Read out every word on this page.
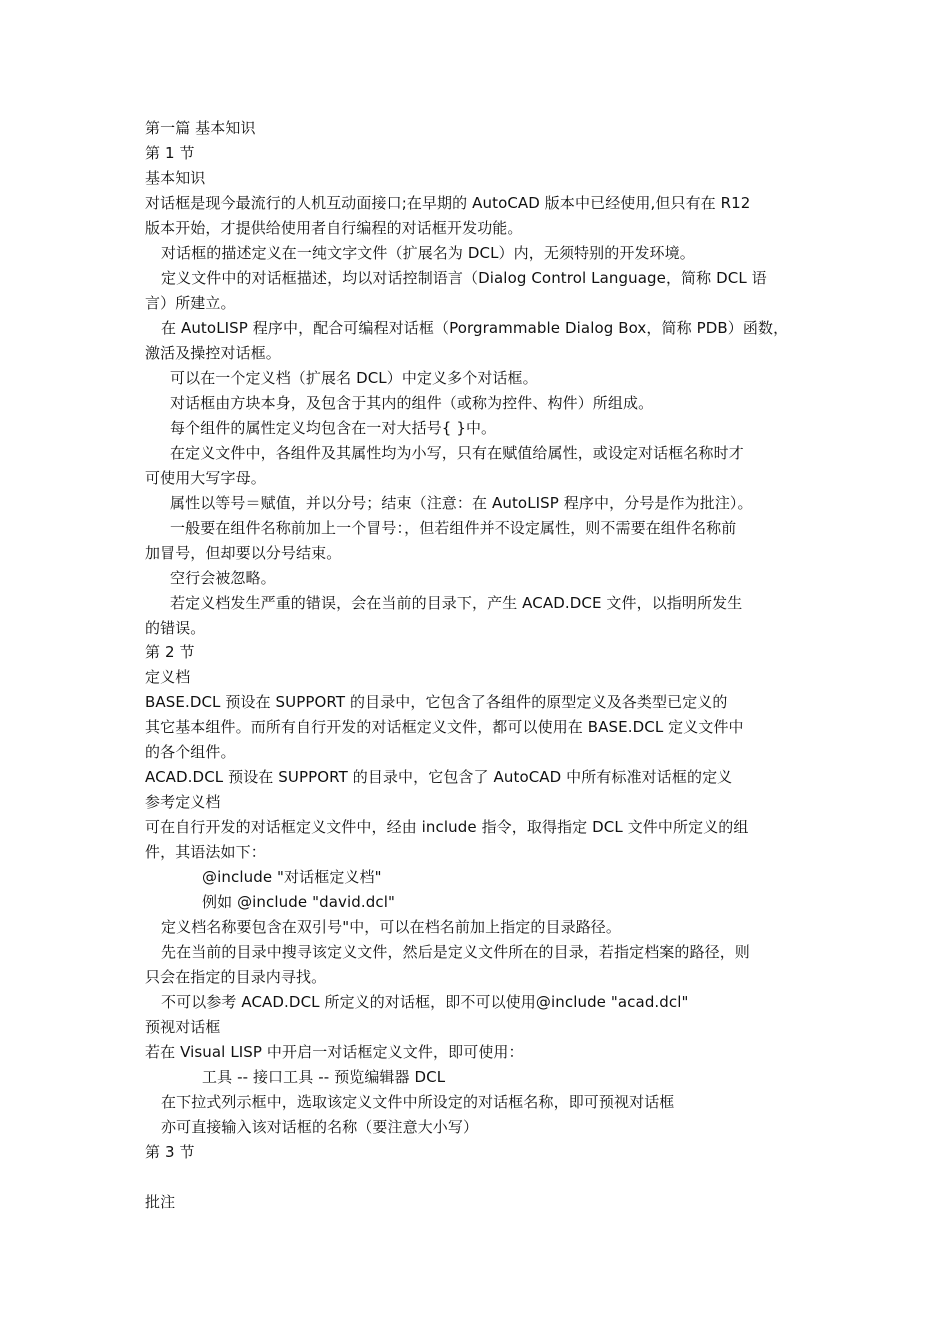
第一篇 基本知识
第 1 节
基本知识
对话框是现今最流行的人机互动面接口;在早期的 AutoCAD 版本中已经使用,但只有在 R12
版本开始，才提供给使用者自行编程的对话框开发功能。
对话框的描述定义在一纯文字文件（扩展名为 DCL）内，无须特别的开发环境。
定义文件中的对话框描述，均以对话控制语言（Dialog Control Language，简称 DCL 语
言）所建立。
在 AutoLISP 程序中，配合可编程对话框（Porgrammable Dialog Box，简称 PDB）函数，
激活及操控对话框。
可以在一个定义档（扩展名 DCL）中定义多个对话框。
对话框由方块本身，及包含于其内的组件（或称为控件、构件）所组成。
每个组件的属性定义均包含在一对大括号{ }中。
在定义文件中，各组件及其属性均为小写，只有在赋值给属性，或设定对话框名称时才
可使用大写字母。
属性以等号＝赋值，并以分号；结束（注意：在 AutoLISP 程序中，分号是作为批注）。
一般要在组件名称前加上一个冒号：，但若组件并不设定属性，则不需要在组件名称前
加冒号，但却要以分号结束。
空行会被忽略。
若定义档发生严重的错误，会在当前的目录下，产生 ACAD.DCE 文件，以指明所发生
的错误。
第 2 节
定义档
BASE.DCL 预设在 SUPPORT 的目录中，它包含了各组件的原型定义及各类型已定义的
其它基本组件。而所有自行开发的对话框定义文件，都可以使用在 BASE.DCL 定义文件中
的各个组件。
ACAD.DCL 预设在 SUPPORT 的目录中，它包含了 AutoCAD 中所有标准对话框的定义
参考定义档
可在自行开发的对话框定义文件中，经由 include 指令，取得指定 DCL 文件中所定义的组
件，其语法如下：
@include "对话框定义档"
例如 @include "david.dcl"
定义档名称要包含在双引号"中，可以在档名前加上指定的目录路径。
先在当前的目录中搜寻该定义文件，然后是定义文件所在的目录，若指定档案的路径，则
只会在指定的目录内寻找。
不可以参考 ACAD.DCL 所定义的对话框，即不可以使用@include "acad.dcl"
预视对话框
若在 Visual LISP 中开启一对话框定义文件，即可使用：
工具 -- 接口工具 -- 预览编辑器 DCL
在下拉式列示框中，选取该定义文件中所设定的对话框名称，即可预视对话框
亦可直接输入该对话框的名称（要注意大小写）
第 3 节
批注
